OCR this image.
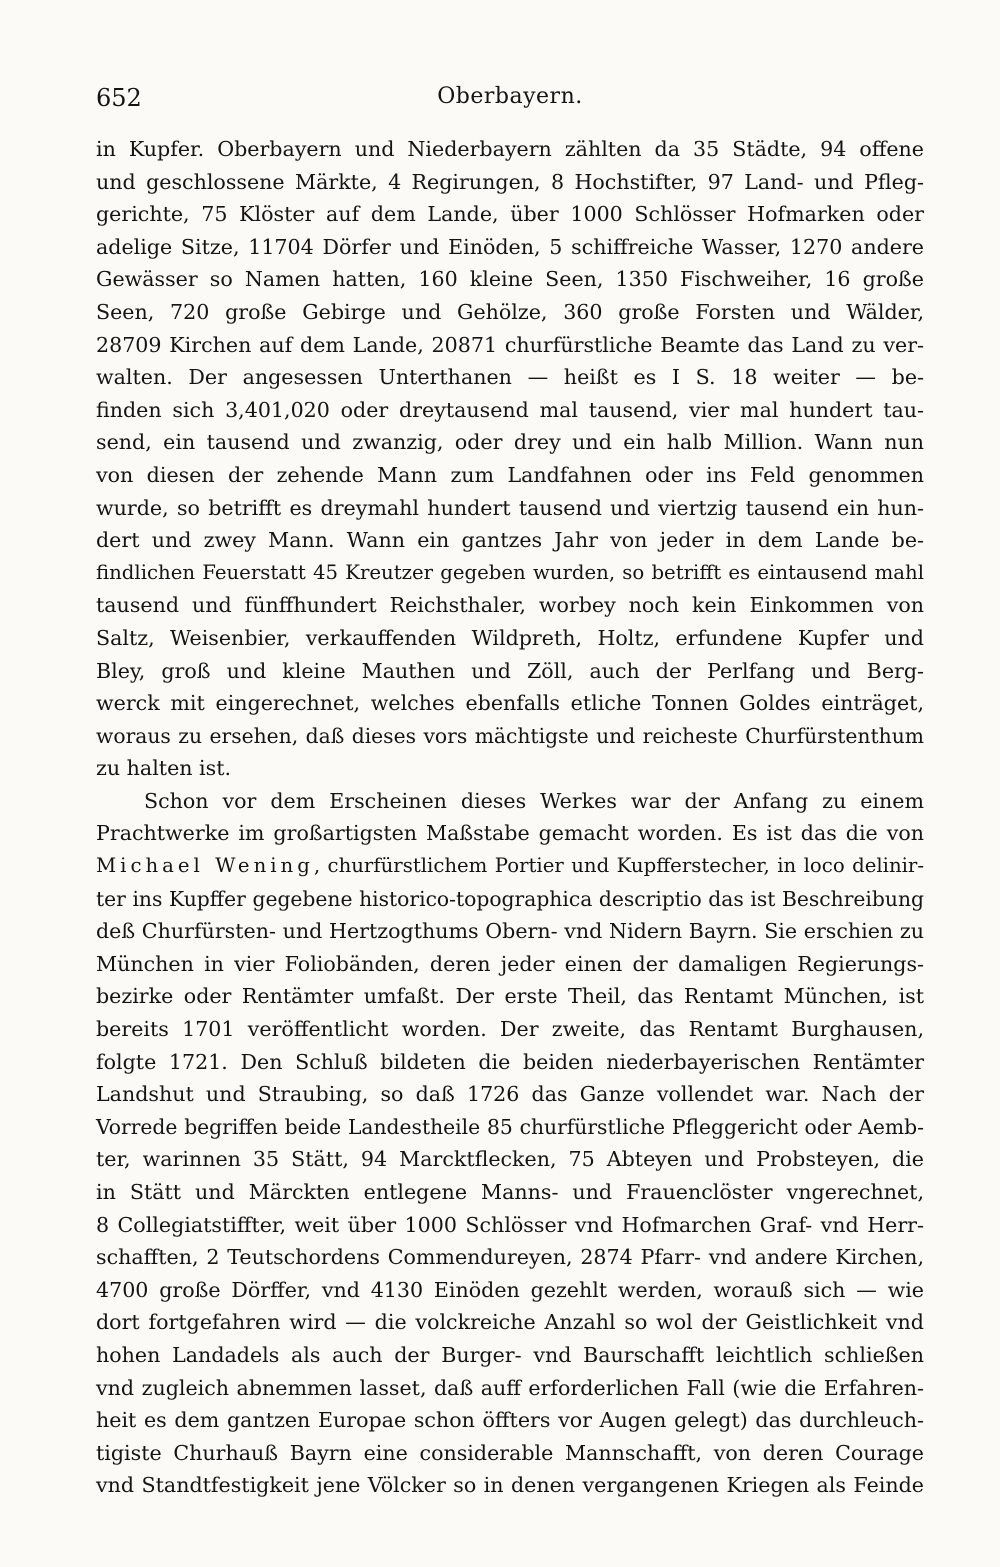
652	Oberbayern.
in Kupfer. Oberbayern und Niederbayern zählten da 35 Städte, 94 offene
und geschlossene Märkte, 4 Regirungen, 8 Hochstifter, 97 Land- und Pfleg-
gerichte, 75 Klöster auf dem Lande, über 1000 Schlösser Hofmarken oder
adelige Sitze, 11704 Dörfer und Einöden, 5 schiffreiche Wasser, 1270 andere
Gewässer so Namen hatten, 160 kleine Seen, 1350 Fischweiher, 16 große
Seen, 720 große Gebirge und Gehölze, 360 große Forsten und Wälder,
28709 Kirchen auf dem Lande, 20871 churfürstliche Beamte das Land zu ver-
walten. Der angesessen Unterthanen — heißt es I S. 18 weiter — be-
finden sich 3,401,020 oder dreytausend mal tausend, vier mal hundert tau-
send, ein tausend und zwanzig, oder drey und ein halb Million. Wann nun
von diesen der zehende Mann zum Landfahnen oder ins Feld genommen
wurde, so betrifft es dreymahl hundert tausend und viertzig tausend ein hun-
dert und zwey Mann. Wann ein gantzes Jahr von jeder in dem Lande be-
findlichen Feuerstatt 45 Kreutzer gegeben wurden, so betrifft es eintausend mahl
tausend und fünffhundert Reichsthaler, worbey noch kein Einkommen von
Saltz, Weisenbier, verkauffenden Wildpreth, Holtz, erfundene Kupfer und
Bley, groß und kleine Mauthen und Zöll, auch der Perlfang und Berg-
werck mit eingerechnet, welches ebenfalls etliche Tonnen Goldes einträget,
woraus zu ersehen, daß dieses vors mächtigste und reicheste Churfürstenthum
zu halten ist.
Schon vor dem Erscheinen dieses Werkes war der Anfang zu einem
Prachtwerke im großartigsten Maßstabe gemacht worden. Es ist das die von
Michael Wening, churfürstlichem Portier und Kupfferstecher, in loco delinir-
ter ins Kupffer gegebene historico-topographica descriptio das ist Beschreibung
deß Churfürsten- und Hertzogthums Obern- vnd Nidern Bayrn. Sie erschien zu
München in vier Foliobänden, deren jeder einen der damaligen Regierungs-
bezirke oder Rentämter umfaßt. Der erste Theil, das Rentamt München, ist
bereits 1701 veröffentlicht worden. Der zweite, das Rentamt Burghausen,
folgte 1721. Den Schluß bildeten die beiden niederbayerischen Rentämter
Landshut und Straubing, so daß 1726 das Ganze vollendet war. Nach der
Vorrede begriffen beide Landestheile 85 churfürstliche Pfleggericht oder Aemb-
ter, warinnen 35 Stätt, 94 Marcktflecken, 75 Abteyen und Probsteyen, die
in Stätt und Märckten entlegene Manns- und Frauenclöster vngerechnet,
8 Collegiatstiffter, weit über 1000 Schlösser vnd Hofmarchen Graf- vnd Herr-
schafften, 2 Teutschordens Commendureyen, 2874 Pfarr- vnd andere Kirchen,
4700 große Dörffer, vnd 4130 Einöden gezehlt werden, worauß sich — wie
dort fortgefahren wird — die volckreiche Anzahl so wol der Geistlichkeit vnd
hohen Landadels als auch der Burger- vnd Baurschafft leichtlich schließen
vnd zugleich abnemmen lasset, daß auff erforderlichen Fall (wie die Erfahren-
heit es dem gantzen Europae schon öffters vor Augen gelegt) das durchleuch-
tigiste Churhauß Bayrn eine considerable Mannschafft, von deren Courage
vnd Standtfestigkeit jene Völcker so in denen vergangenen Kriegen als Feinde
